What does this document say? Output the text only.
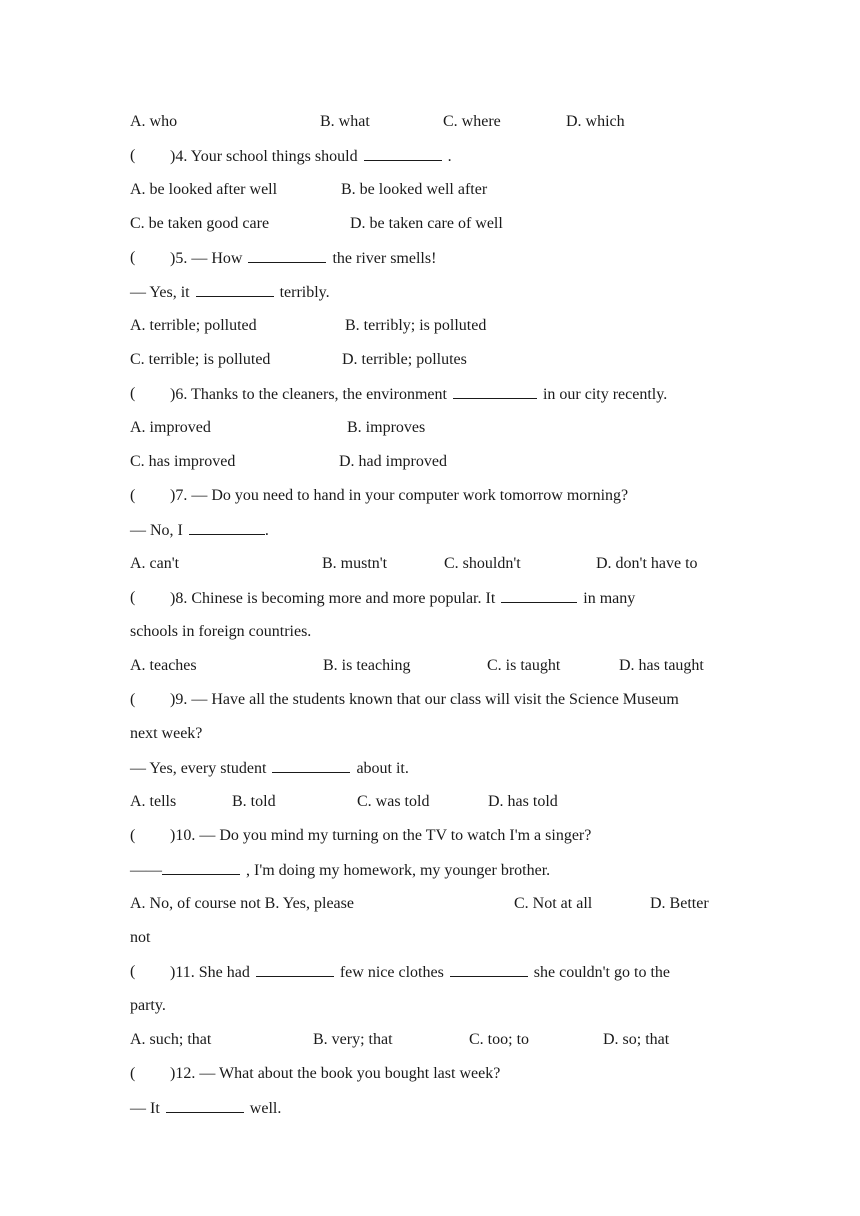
A. who	B. what	C. where	D. which
( )4. Your school things should	.
A. be looked after well	B. be looked well after
C. be taken good care	D. be taken care of well
( )5. — How	the river smells!
— Yes, it	terribly.
A. terrible; polluted	B. terribly; is polluted
C. terrible; is polluted	D. terrible; pollutes
( )6. Thanks to the cleaners, the environment	in our city recently.
A. improved	B. improves
C. has improved	D. had improved
( )7. — Do you need to hand in your computer work tomorrow morning?
— No, I	.
A. can't	B. mustn't	C. shouldn't	D. don't have to
( )8. Chinese is becoming more and more popular. It	in many
schools in foreign countries.
A. teaches	B. is teaching	C. is taught	D. has taught
( )9. — Have all the students known that our class will visit the Science Museum
next week?
— Yes, every student	about it.
A. tells	B. told	C. was told	D. has told
( )10. — Do you mind my turning on the TV to watch I'm a singer?
——	, I'm doing my homework, my younger brother.
A. No, of course not B. Yes, please	C. Not at all	D. Better
not
( )11. She had	few nice clothes	she couldn't go to the
party.
A. such; that	B. very; that	C. too; to	D. so; that
( )12. — What about the book you bought last week?
— It	well.
